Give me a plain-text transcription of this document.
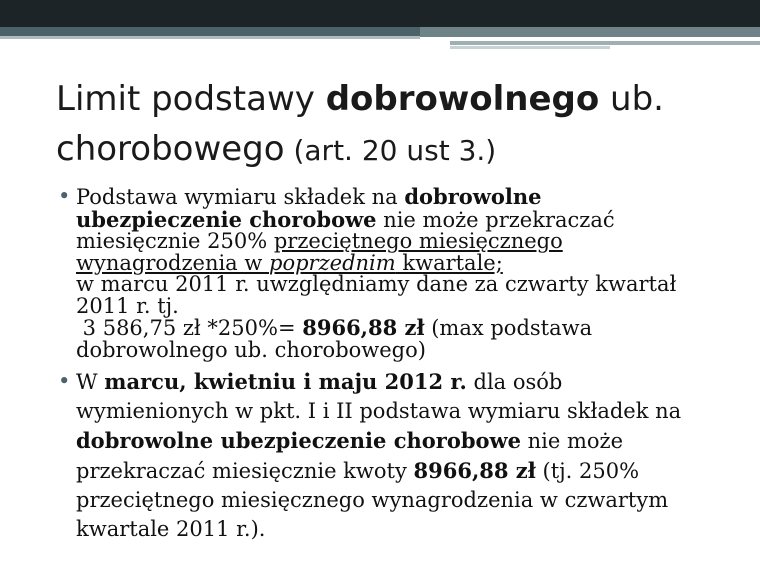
Limit podstawy dobrowolnego ub.
chorobowego (art. 20 ust 3.)
• Podstawa wymiaru składek na dobrowolne
ubezpieczenie chorobowe nie może przekraczać
miesięcznie 250% przeciętnego miesięcznego
wynagrodzenia w poprzednim kwartale;
w marcu 2011 r. uwzględniamy dane za czwarty kwartał
2011 r. tj.
3 586,75 zł *250%= 8966,88 zł (max podstawa
dobrowolnego ub. chorobowego)
• W marcu, kwietniu i maju 2012 r. dla osób
wymienionych w pkt. I i II podstawa wymiaru składek na
dobrowolne ubezpieczenie chorobowe nie może
przekraczać miesięcznie kwoty 8966,88 zł (tj. 250%
przeciętnego miesięcznego wynagrodzenia w czwartym
kwartale 2011 r.).
